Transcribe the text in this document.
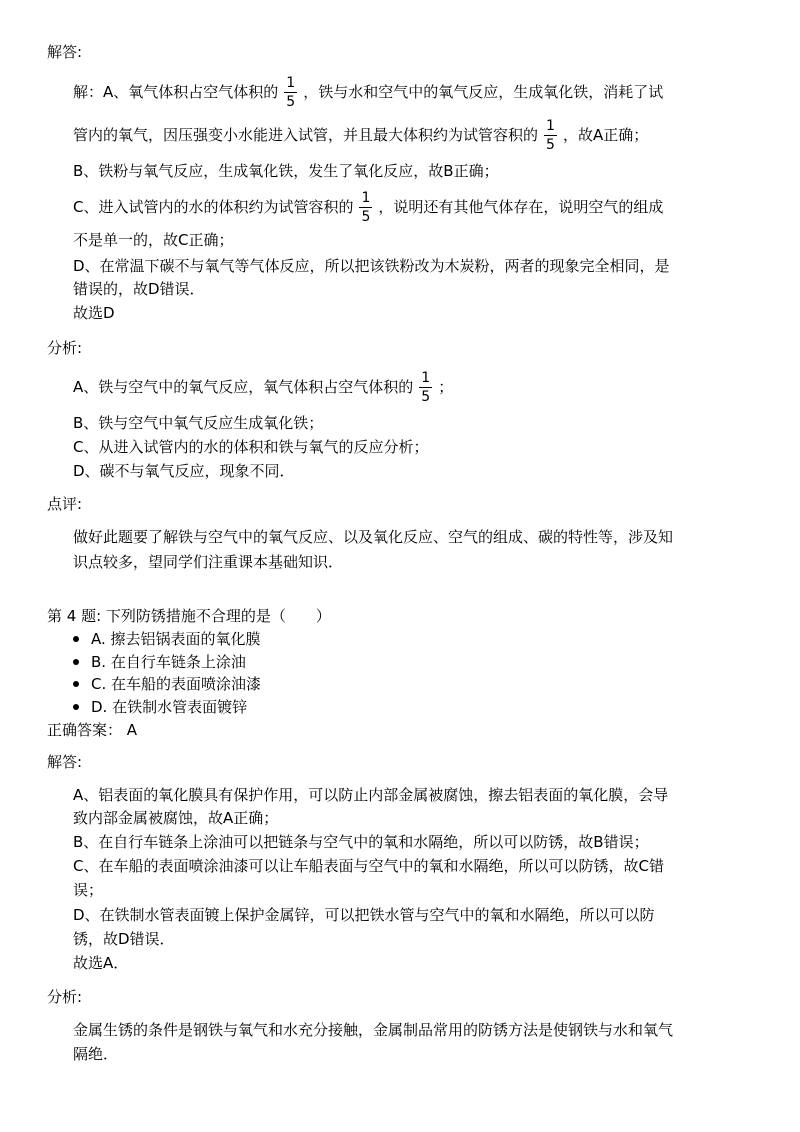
解答:
解：A、氧气体积占空气体积的 $\frac{1}{5}$ ，铁与水和空气中的氧气反应，生成氧化铁，消耗了试
管内的氧气，因压强变小水能进入试管，并且最大体积约为试管容积的 $\frac{1}{5}$ ，故A正确；
B、铁粉与氧气反应，生成氧化铁，发生了氧化反应，故B正确；
C、进入试管内的水的体积约为试管容积的 $\frac{1}{5}$ ，说明还有其他气体存在，说明空气的组成
不是单一的，故C正确；
D、在常温下碳不与氧气等气体反应，所以把该铁粉改为木炭粉，两者的现象完全相同，是
错误的，故D错误．
故选D
分析:
A、铁与空气中的氧气反应，氧气体积占空气体积的 $\frac{1}{5}$ ；
B、铁与空气中氧气反应生成氧化铁；
C、从进入试管内的水的体积和铁与氧气的反应分析；
D、碳不与氧气反应，现象不同．
点评:
做好此题要了解铁与空气中的氧气反应、以及氧化反应、空气的组成、碳的特性等，涉及知
识点较多，望同学们注重课本基础知识．
第 4 题: 下列防锈措施不合理的是（　　）
A. 擦去铝锅表面的氧化膜
B. 在自行车链条上涂油
C. 在车船的表面喷涂油漆
D. 在铁制水管表面镀锌
正确答案： A
解答:
A、铝表面的氧化膜具有保护作用，可以防止内部金属被腐蚀，擦去铝表面的氧化膜，会导
致内部金属被腐蚀，故A正确；
B、在自行车链条上涂油可以把链条与空气中的氧和水隔绝，所以可以防锈，故B错误；
C、在车船的表面喷涂油漆可以让车船表面与空气中的氧和水隔绝，所以可以防锈，故C错
误；
D、在铁制水管表面镀上保护金属锌，可以把铁水管与空气中的氧和水隔绝，所以可以防
锈，故D错误．
故选A．
分析:
金属生锈的条件是钢铁与氧气和水充分接触，金属制品常用的防锈方法是使钢铁与水和氧气
隔绝．
